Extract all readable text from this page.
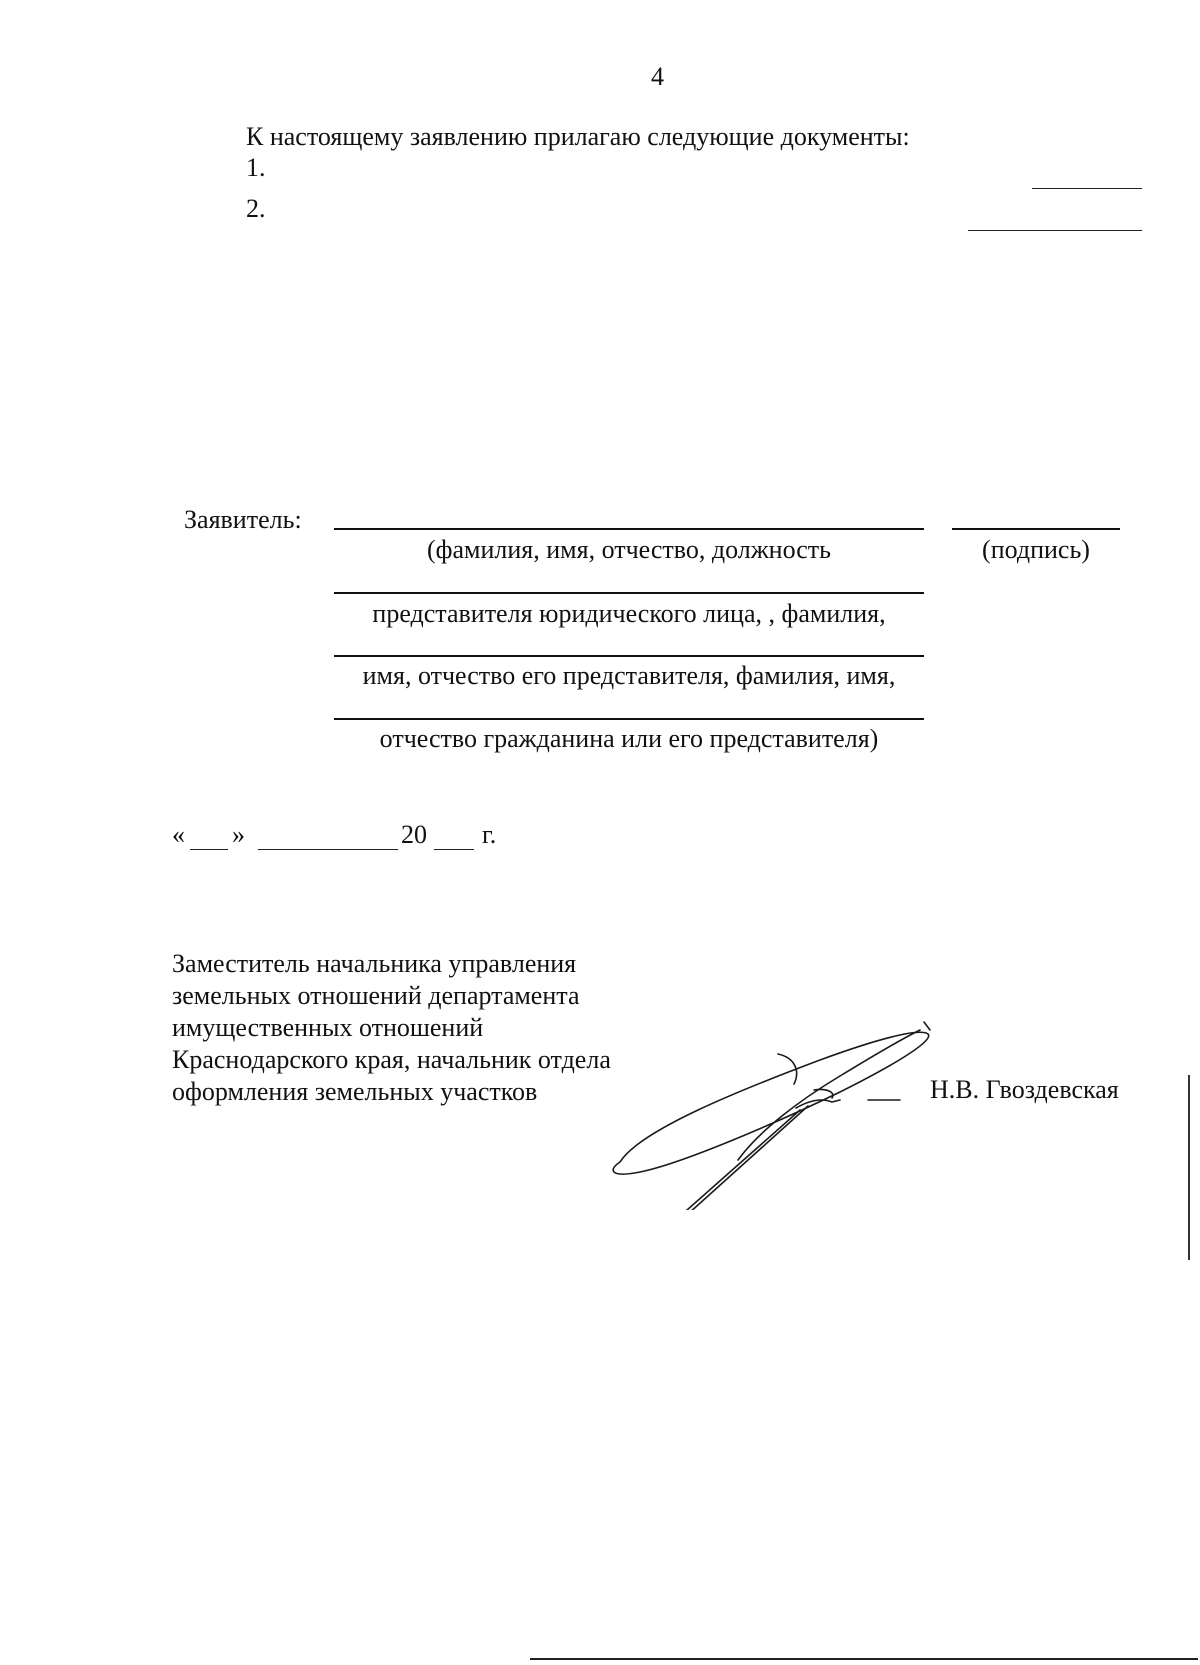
4
К настоящему заявлению прилагаю следующие документы:
1.
2.
Заявитель:
(фамилия, имя, отчество, должность	(подпись)
представителя юридического лица, , фамилия,
имя, отчество его представителя, фамилия, имя,
отчество гражданина или его представителя)
« »	20 г.
Заместитель начальника управления
земельных отношений департамента
имущественных отношений
Краснодарского края, начальник отдела
оформления земельных участков	Н.В. Гвоздевская
